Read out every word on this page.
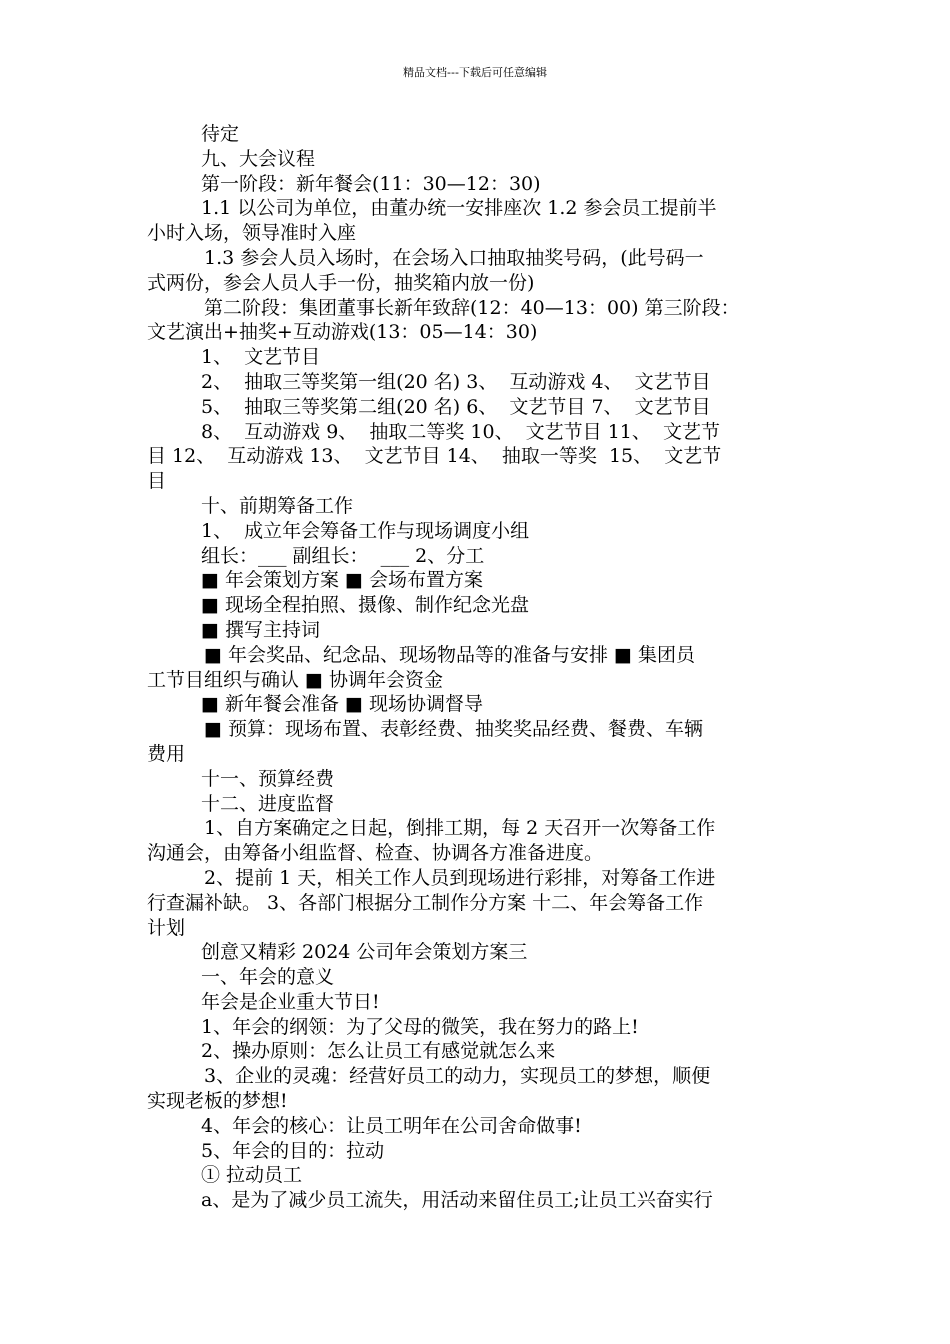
精品文档---下载后可任意编辑
待定
九、大会议程
第一阶段：新年餐会(11：30—12：30)
1.1 以公司为单位，由董办统一安排座次 1.2 参会员工提前半
小时入场，领导准时入座
1.3 参会人员入场时，在会场入口抽取抽奖号码，(此号码一
式两份，参会人员人手一份，抽奖箱内放一份)
第二阶段：集团董事长新年致辞(12：40—13：00) 第三阶段：
文艺演出+抽奖+互动游戏(13：05—14：30)
1、  文艺节目
2、  抽取三等奖第一组(20 名) 3、  互动游戏 4、  文艺节目
5、  抽取三等奖第二组(20 名) 6、  文艺节目 7、  文艺节目
8、  互动游戏 9、  抽取二等奖 10、  文艺节目 11、  文艺节
目 12、  互动游戏 13、  文艺节目 14、  抽取一等奖  15、  文艺节
目
十、前期筹备工作
1、  成立年会筹备工作与现场调度小组
组长：___ 副组长：  ___ 2、分工
■ 年会策划方案 ■ 会场布置方案
■ 现场全程拍照、摄像、制作纪念光盘
■ 撰写主持词
■ 年会奖品、纪念品、现场物品等的准备与安排 ■ 集团员
工节目组织与确认 ■ 协调年会资金
■ 新年餐会准备 ■ 现场协调督导
■ 预算：现场布置、表彰经费、抽奖奖品经费、餐费、车辆
费用
十一、预算经费
十二、进度监督
1、自方案确定之日起，倒排工期，每 2 天召开一次筹备工作
沟通会，由筹备小组监督、检查、协调各方准备进度。
2、提前 1 天，相关工作人员到现场进行彩排，对筹备工作进
行查漏补缺。 3、各部门根据分工制作分方案 十二、年会筹备工作
计划
创意又精彩 2024 公司年会策划方案三
一、年会的意义
年会是企业重大节日!
1、年会的纲领：为了父母的微笑，我在努力的路上!
2、操办原则：怎么让员工有感觉就怎么来
3、企业的灵魂：经营好员工的动力，实现员工的梦想，顺便
实现老板的梦想!
4、年会的核心：让员工明年在公司舍命做事!
5、年会的目的：拉动
① 拉动员工
a、是为了减少员工流失，用活动来留住员工;让员工兴奋实行
